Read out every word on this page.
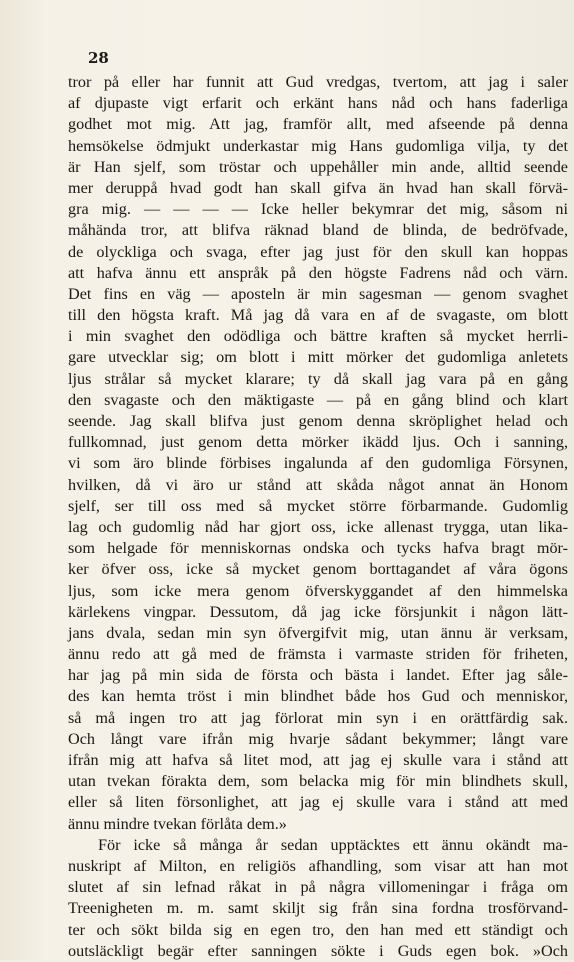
28
tror på eller har funnit att Gud vredgas, tvertom, att jag i saler
af djupaste vigt erfarit och erkänt hans nåd och hans faderliga
godhet mot mig. Att jag, framför allt, med afseende på denna
hemsökelse ödmjukt underkastar mig Hans gudomliga vilja, ty det
är Han sjelf, som tröstar och uppehåller min ande, alltid seende
mer deruppå hvad godt han skall gifva än hvad han skall förvä-
gra mig. — — — — Icke heller bekymrar det mig, såsom ni
måhända tror, att blifva räknad bland de blinda, de bedröfvade,
de olyckliga och svaga, efter jag just för den skull kan hoppas
att hafva ännu ett anspråk på den högste Fadrens nåd och värn.
Det fins en väg — aposteln är min sagesman — genom svaghet
till den högsta kraft. Må jag då vara en af de svagaste, om blott
i min svaghet den odödliga och bättre kraften så mycket herrli-
gare utvecklar sig; om blott i mitt mörker det gudomliga anletets
ljus strålar så mycket klarare; ty då skall jag vara på en gång
den svagaste och den mäktigaste — på en gång blind och klart
seende. Jag skall blifva just genom denna skröplighet helad och
fullkomnad, just genom detta mörker ikädd ljus. Och i sanning,
vi som äro blinde förbises ingalunda af den gudomliga Försynen,
hvilken, då vi äro ur stånd att skåda något annat än Honom
sjelf, ser till oss med så mycket större förbarmande. Gudomlig
lag och gudomlig nåd har gjort oss, icke allenast trygga, utan lika-
som helgade för menniskornas ondska och tycks hafva bragt mör-
ker öfver oss, icke så mycket genom borttagandet af våra ögons
ljus, som icke mera genom öfverskyggandet af den himmelska
kärlekens vingpar. Dessutom, då jag icke försjunkit i någon lätt-
jans dvala, sedan min syn öfvergifvit mig, utan ännu är verksam,
ännu redo att gå med de främsta i varmaste striden för friheten,
har jag på min sida de första och bästa i landet. Efter jag såle-
des kan hemta tröst i min blindhet både hos Gud och menniskor,
så må ingen tro att jag förlorat min syn i en orättfärdig sak.
Och långt vare ifrån mig hvarje sådant bekymmer; långt vare
ifrån mig att hafva så litet mod, att jag ej skulle vara i stånd att
utan tvekan förakta dem, som belacka mig för min blindhets skull,
eller så liten försonlighet, att jag ej skulle vara i stånd att med
ännu mindre tvekan förlåta dem.»
För icke så många år sedan upptäcktes ett ännu okändt ma-
nuskript af Milton, en religiös afhandling, som visar att han mot
slutet af sin lefnad råkat in på några villomeningar i fråga om
Treenigheten m. m. samt skiljt sig från sina fordna trosförvand-
ter och sökt bilda sig en egen tro, den han med ett ständigt och
outsläckligt begär efter sanningen sökte i Guds egen bok. »Och
